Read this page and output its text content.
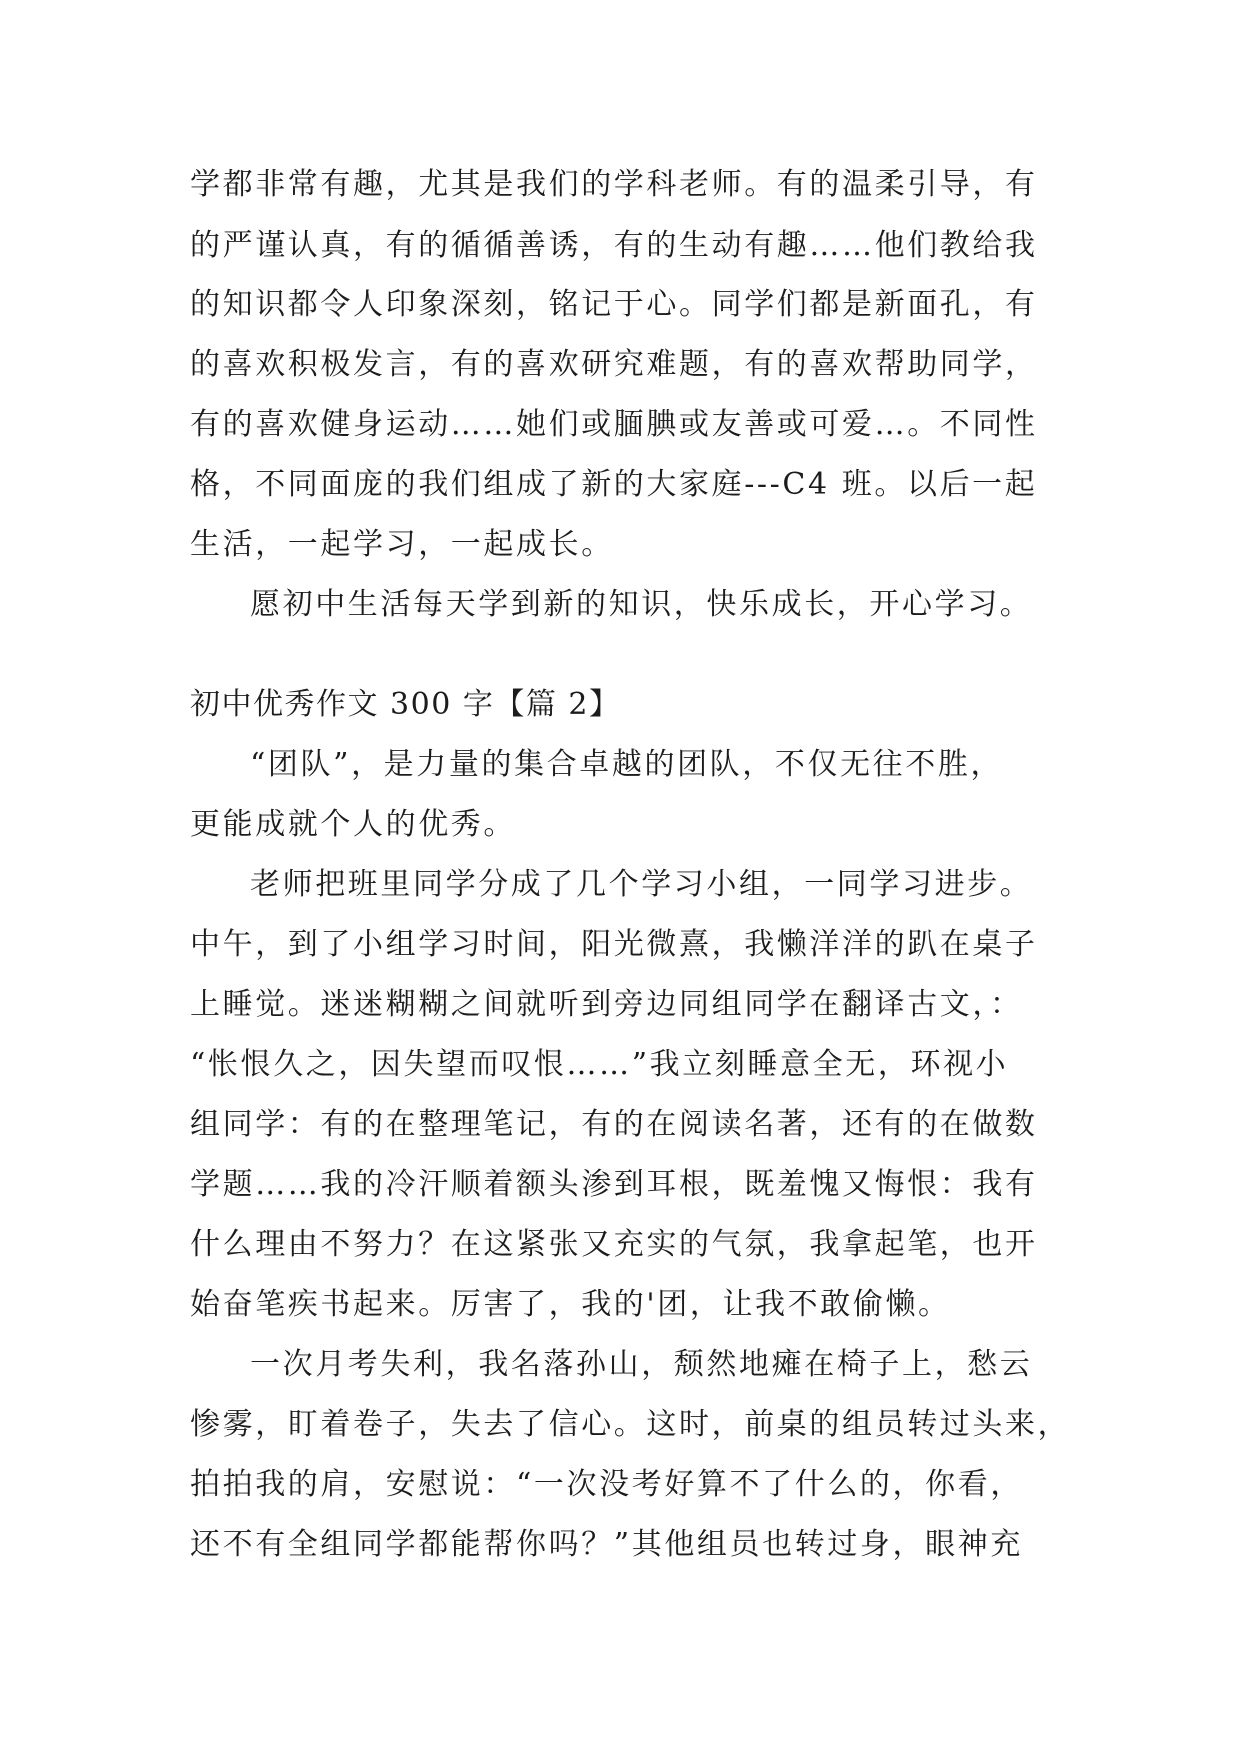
学都非常有趣，尤其是我们的学科老师。有的温柔引导，有
的严谨认真，有的循循善诱，有的生动有趣……他们教给我
的知识都令人印象深刻，铭记于心。同学们都是新面孔，有
的喜欢积极发言，有的喜欢研究难题，有的喜欢帮助同学，
有的喜欢健身运动……她们或腼腆或友善或可爱…。不同性
格，不同面庞的我们组成了新的大家庭---C4 班。以后一起
生活，一起学习，一起成长。
愿初中生活每天学到新的知识，快乐成长，开心学习。
初中优秀作文 300 字【篇 2】
“团队”，是力量的集合卓越的团队，不仅无往不胜，
更能成就个人的优秀。
老师把班里同学分成了几个学习小组，一同学习进步。
中午，到了小组学习时间，阳光微熹，我懒洋洋的趴在桌子
上睡觉。迷迷糊糊之间就听到旁边同组同学在翻译古文，：
“怅恨久之，因失望而叹恨……”我立刻睡意全无，环视小
组同学：有的在整理笔记，有的在阅读名著，还有的在做数
学题……我的冷汗顺着额头渗到耳根，既羞愧又悔恨：我有
什么理由不努力？在这紧张又充实的气氛，我拿起笔，也开
始奋笔疾书起来。厉害了，我的'团，让我不敢偷懒。
一次月考失利，我名落孙山，颓然地瘫在椅子上，愁云
惨雾，盯着卷子，失去了信心。这时，前桌的组员转过头来，
拍拍我的肩，安慰说：“一次没考好算不了什么的，你看，
还不有全组同学都能帮你吗？”其他组员也转过身，眼神充
